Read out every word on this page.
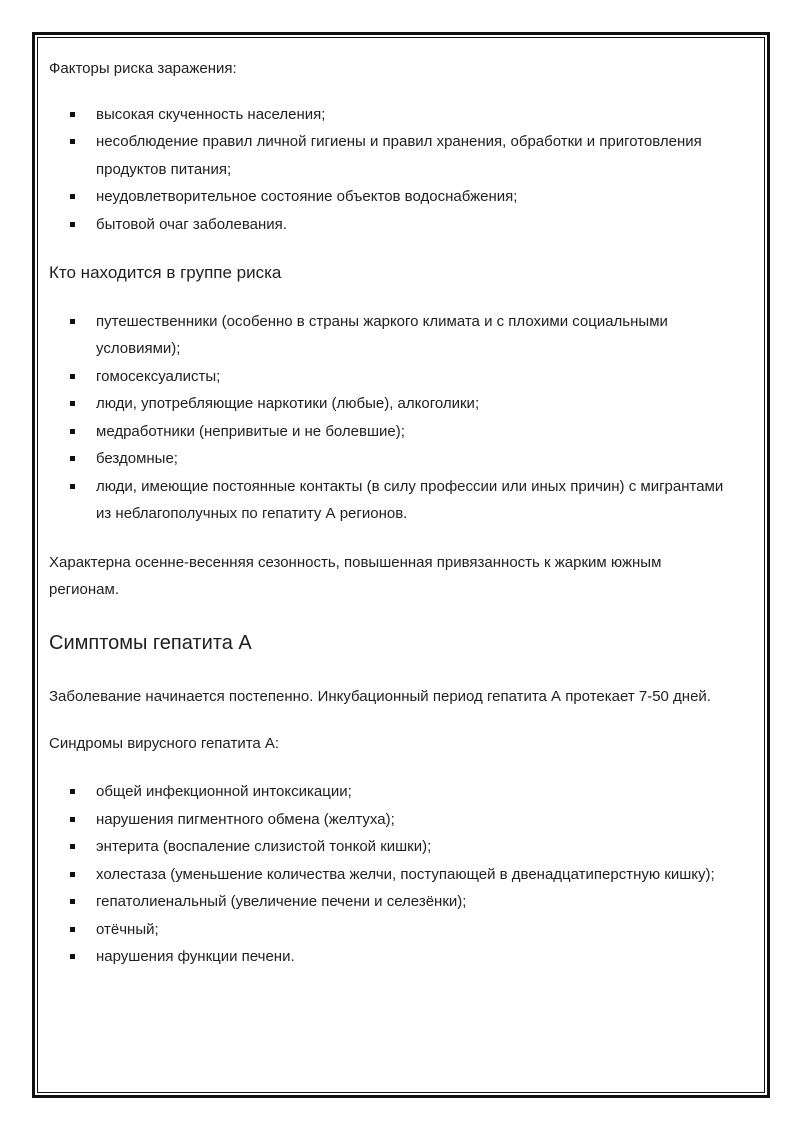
Факторы риска заражения:

высокая скученность населения;
несоблюдение правил личной гигиены и правил хранения, обработки и приготовления продуктов питания;
неудовлетворительное состояние объектов водоснабжения;
бытовой очаг заболевания.

Кто находится в группе риска

путешественники (особенно в страны жаркого климата и с плохими социальными условиями);
гомосексуалисты;
люди, употребляющие наркотики (любые), алкоголики;
медработники (непривитые и не болевшие);
бездомные;
люди, имеющие постоянные контакты (в силу профессии или иных причин) с мигрантами из неблагополучных по гепатиту А регионов.

Характерна осенне-весенняя сезонность, повышенная привязанность к жарким южным регионам.

Симптомы гепатита А

Заболевание начинается постепенно. Инкубационный период гепатита А протекает 7-50 дней.

Синдромы вирусного гепатита А:

общей инфекционной интоксикации;
нарушения пигментного обмена (желтуха);
энтерита (воспаление слизистой тонкой кишки);
холестаза (уменьшение количества желчи, поступающей в двенадцатиперстную кишку);
гепатолиенальный (увеличение печени и селезёнки);
отёчный;
нарушения функции печени.
